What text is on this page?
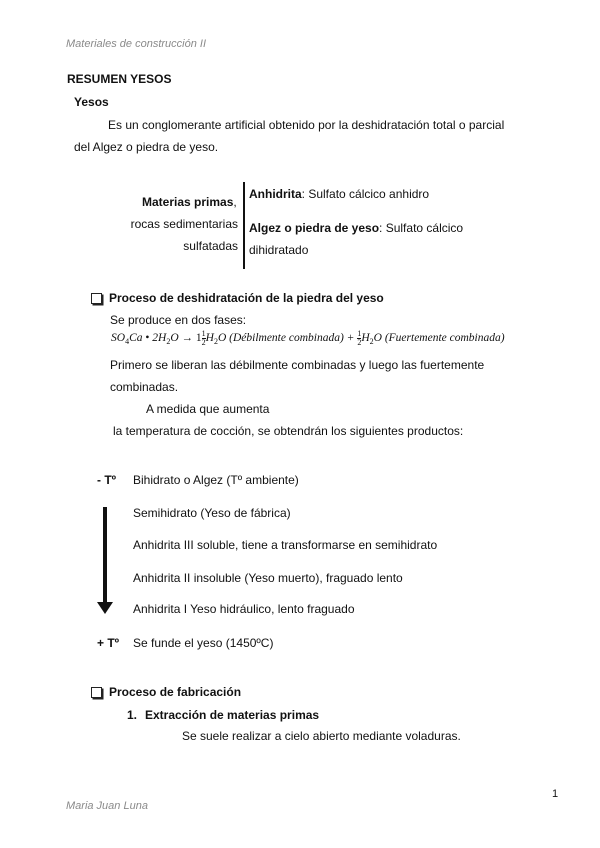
Materiales de construcción II
RESUMEN YESOS
Yesos
Es un conglomerante artificial obtenido por la deshidratación total o parcial
del Algez o piedra de yeso.
Materias primas,
rocas sedimentarias
sulfatadas
Anhidrita: Sulfato cálcico anhidro
Algez o piedra de yeso: Sulfato cálcico
dihidratado
Proceso de deshidratación de la piedra del yeso
Se produce en dos fases:
$SO_4Ca$ • $2H_2O \to 1 \frac{1}{2} H_2O$ (Débilmente combinada) + $\frac{1}{2} H_2O$ (Fuertemente combinada)
Primero se liberan las débilmente combinadas y luego las fuertemente
combinadas.
A medida que aumenta
la temperatura de cocción, se obtendrán los siguientes productos:
- Tº Bihidrato o Algez (Tº ambiente)
Semihidrato (Yeso de fábrica)
Anhidrita III soluble, tiene a transformarse en semihidrato
Anhidrita II insoluble (Yeso muerto), fraguado lento
Anhidrita I Yeso hidráulico, lento fraguado
+ Tº Se funde el yeso (1450ºC)
Proceso de fabricación
1. Extracción de materias primas
Se suele realizar a cielo abierto mediante voladuras.
1
Maria Juan Luna
